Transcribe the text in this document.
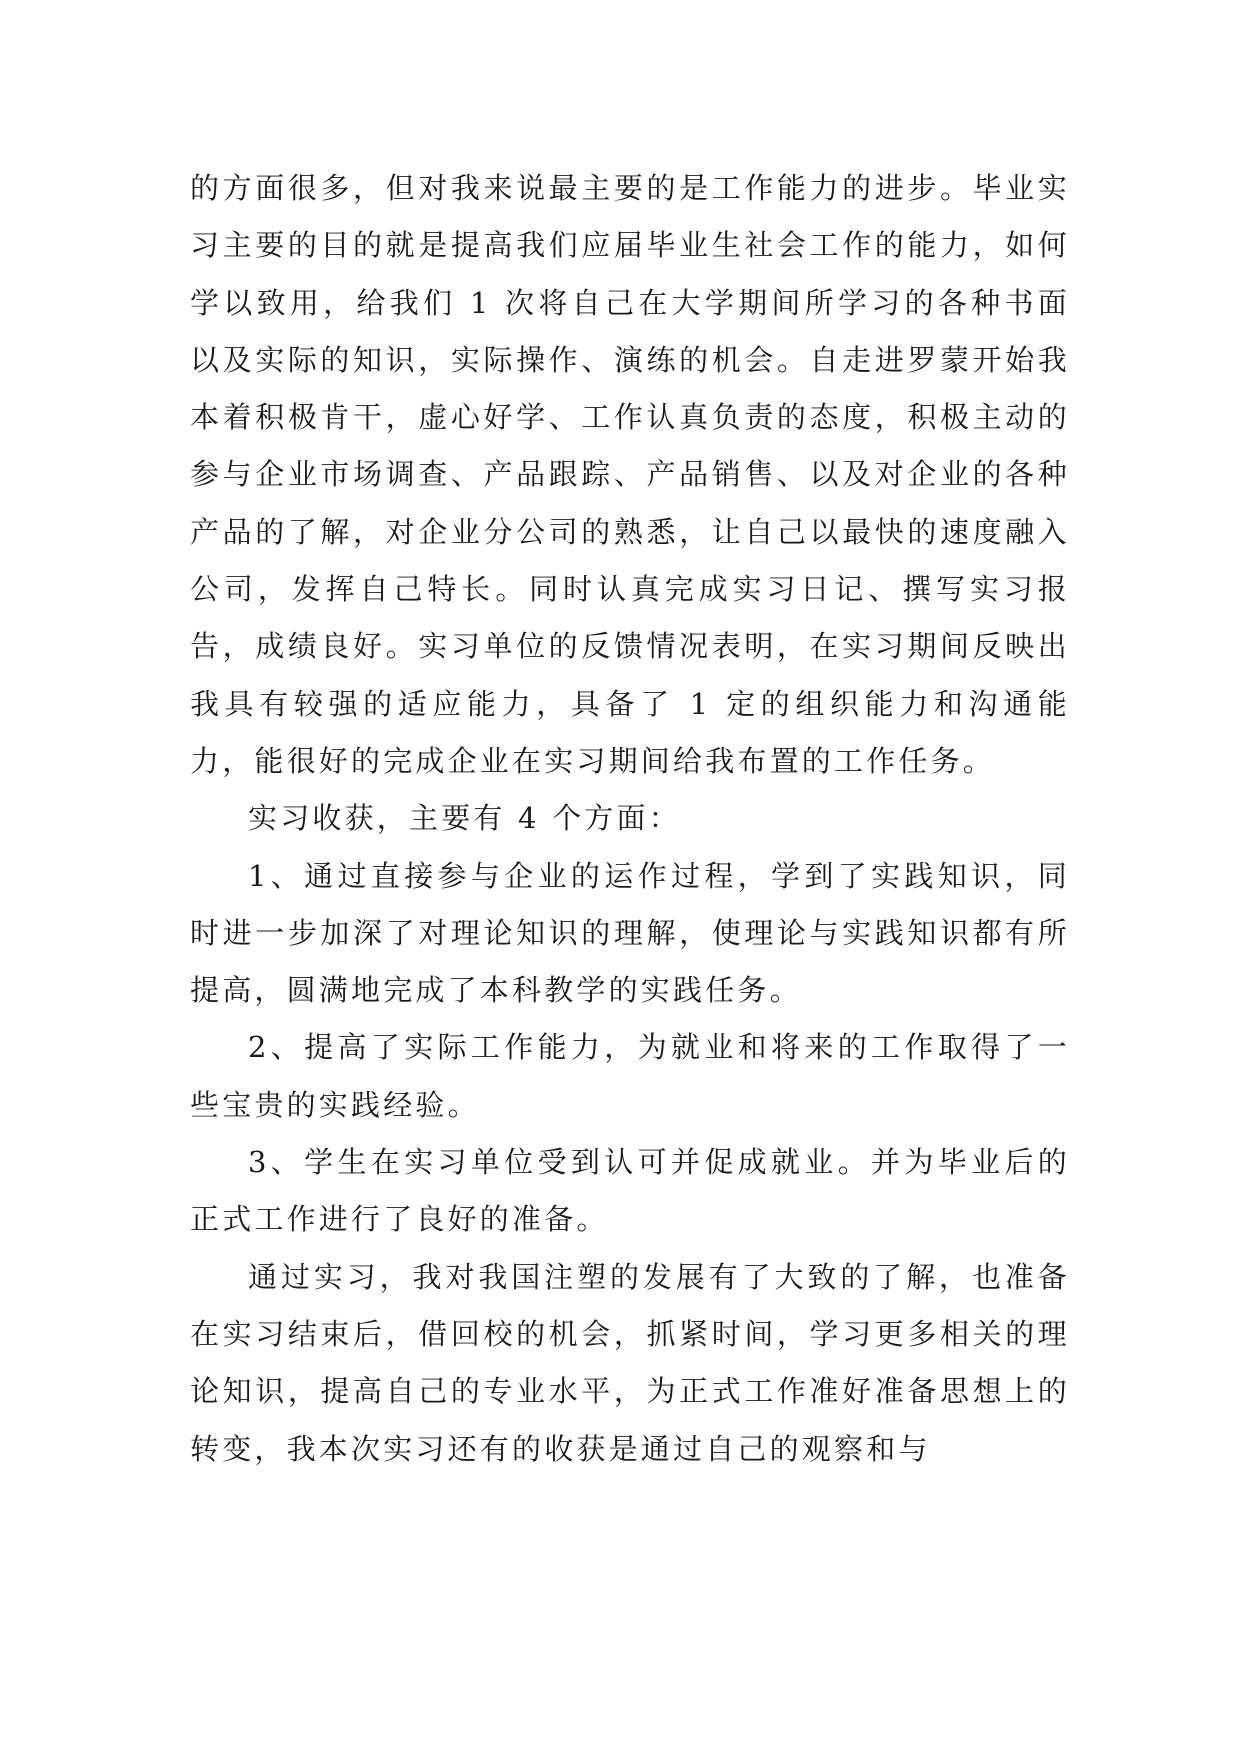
的方面很多，但对我来说最主要的是工作能力的进步。毕业实习主要的目的就是提高我们应届毕业生社会工作的能力，如何学以致用，给我们 1 次将自己在大学期间所学习的各种书面以及实际的知识，实际操作、演练的机会。自走进罗蒙开始我本着积极肯干，虚心好学、工作认真负责的态度，积极主动的参与企业市场调查、产品跟踪、产品销售、以及对企业的各种产品的了解，对企业分公司的熟悉，让自己以最快的速度融入公司，发挥自己特长。同时认真完成实习日记、撰写实习报告，成绩良好。实习单位的反馈情况表明，在实习期间反映出我具有较强的适应能力，具备了 1 定的组织能力和沟通能力，能很好的完成企业在实习期间给我布置的工作任务。

实习收获，主要有 4 个方面：

1、通过直接参与企业的运作过程，学到了实践知识，同时进一步加深了对理论知识的理解，使理论与实践知识都有所提高，圆满地完成了本科教学的实践任务。

2、提高了实际工作能力，为就业和将来的工作取得了一些宝贵的实践经验。

3、学生在实习单位受到认可并促成就业。并为毕业后的正式工作进行了良好的准备。

通过实习，我对我国注塑的发展有了大致的了解，也准备在实习结束后，借回校的机会，抓紧时间，学习更多相关的理论知识，提高自己的专业水平，为正式工作准好准备思想上的转变，我本次实习还有的收获是通过自己的观察和与
